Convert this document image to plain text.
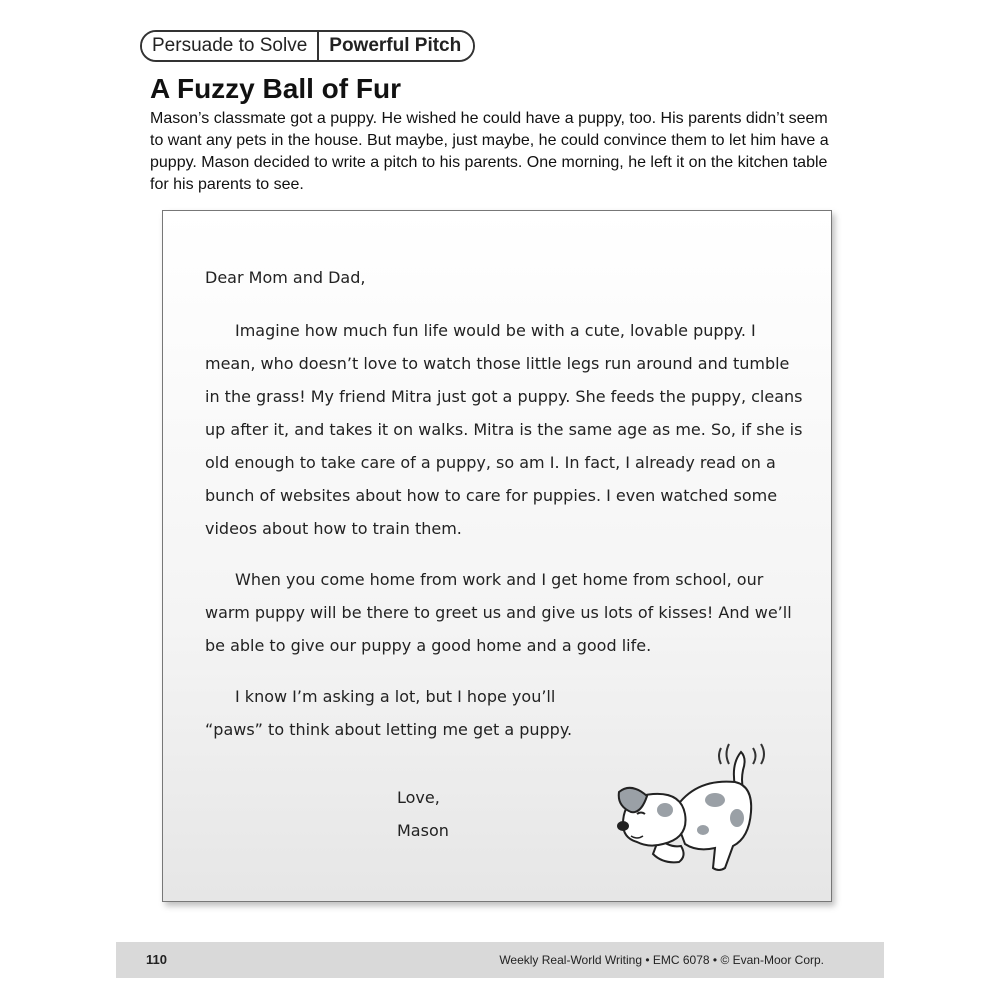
Persuade to Solve	Powerful Pitch
A Fuzzy Ball of Fur

Mason’s classmate got a puppy. He wished he could have a puppy, too. His parents didn’t seem to want any pets in the house. But maybe, just maybe, he could convince them to let him have a puppy. Mason decided to write a pitch to his parents. One morning, he left it on the kitchen table for his parents to see.

Dear Mom and Dad,

Imagine how much fun life would be with a cute, lovable puppy. I mean, who doesn’t love to watch those little legs run around and tumble in the grass! My friend Mitra just got a puppy. She feeds the puppy, cleans up after it, and takes it on walks. Mitra is the same age as me. So, if she is old enough to take care of a puppy, so am I. In fact, I already read on a bunch of websites about how to care for puppies. I even watched some videos about how to train them.

When you come home from work and I get home from school, our warm puppy will be there to greet us and give us lots of kisses! And we’ll be able to give our puppy a good home and a good life.

I know I’m asking a lot, but I hope you’ll “paws” to think about letting me get a puppy.

Love,

Mason

110	Weekly Real-World Writing • EMC 6078 • © Evan-Moor Corp.
